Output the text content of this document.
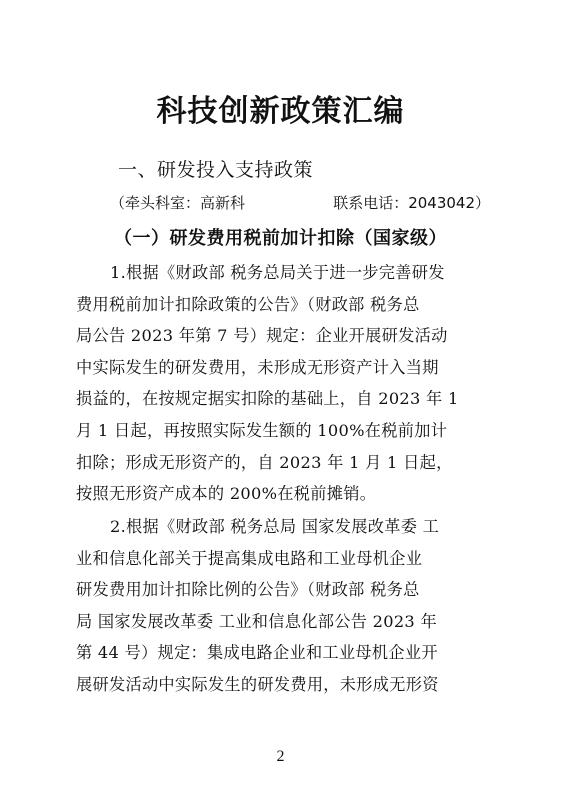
科技创新政策汇编
一、研发投入支持政策
（牵头科室：高新科	联系电话：2043042）
（一）研发费用税前加计扣除（国家级）
1.根据《财政部 税务总局关于进一步完善研发
费用税前加计扣除政策的公告》（财政部 税务总
局公告 2023 年第 7 号）规定：企业开展研发活动
中实际发生的研发费用，未形成无形资产计入当期
损益的，在按规定据实扣除的基础上，自 2023 年 1
月 1 日起，再按照实际发生额的 100%在税前加计
扣除；形成无形资产的，自 2023 年 1 月 1 日起，
按照无形资产成本的 200%在税前摊销。
2.根据《财政部 税务总局 国家发展改革委 工
业和信息化部关于提高集成电路和工业母机企业
研发费用加计扣除比例的公告》（财政部 税务总
局 国家发展改革委 工业和信息化部公告 2023 年
第 44 号）规定：集成电路企业和工业母机企业开
展研发活动中实际发生的研发费用，未形成无形资
2
